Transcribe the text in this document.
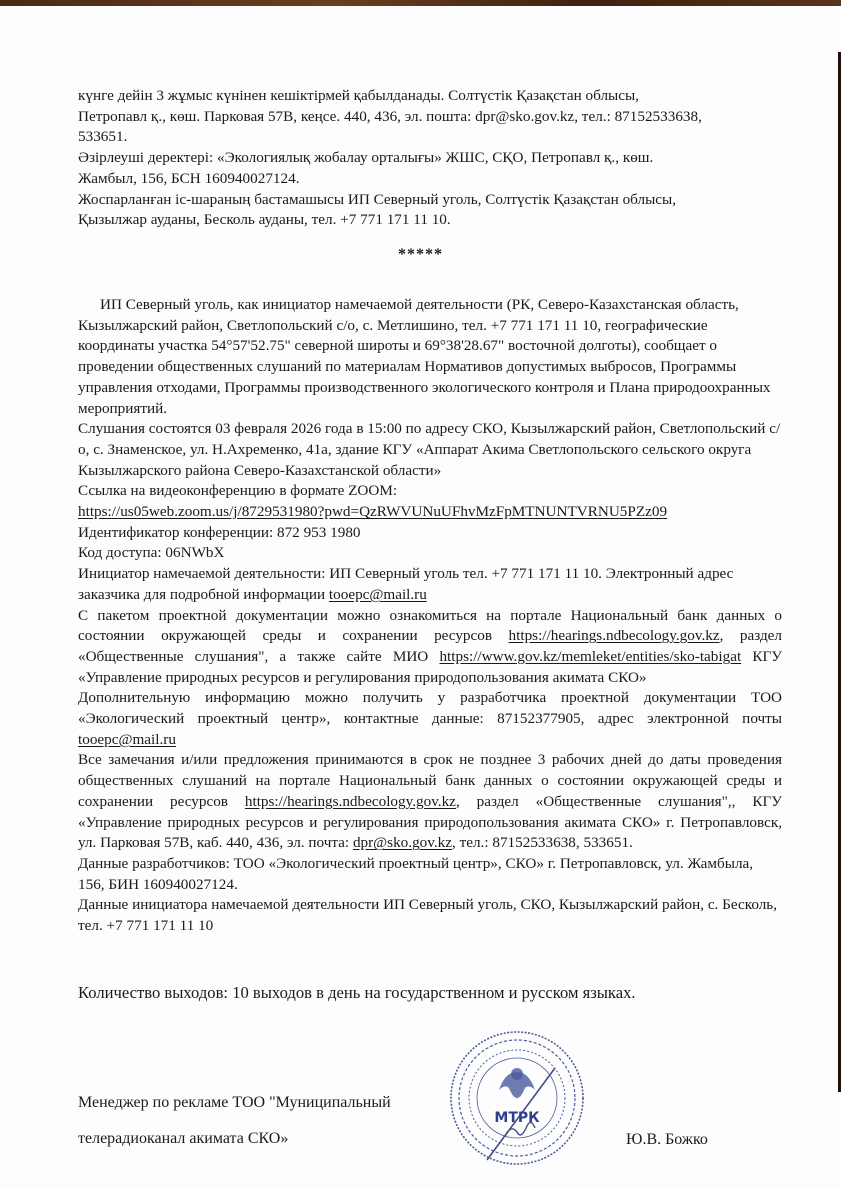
күнге дейін 3 жұмыс күнінен кешіктірмей қабылданады. Солтүстік Қазақстан облысы,

Петропавл қ., көш. Парковая 57В, кеңсе. 440, 436, эл. пошта: dpr@sko.gov.kz, тел.: 87152533638,

533651.

Әзірлеуші деректері: «Экологиялық жобалау орталығы» ЖШС, СҚО, Петропавл қ., көш.

Жамбыл, 156, БСН 160940027124.

Жоспарланған іс-шараның бастамашысы ИП Северный уголь, Солтүстік Қазақстан облысы,

Қызылжар ауданы, Бесколь ауданы, тел. +7 771 171 11 10.

*****

ИП Северный уголь, как инициатор намечаемой деятельности (РК, Северо-Казахстанская область, Кызылжарский район, Светлопольский с/о, с. Метлишино, тел. +7 771 171 11 10, географические координаты участка 54°57'52.75" северной широты и 69°38'28.67" восточной долготы), сообщает о проведении общественных слушаний по материалам Нормативов допустимых выбросов, Программы управления отходами, Программы производственного экологического контроля и Плана природоохранных мероприятий.

Слушания состоятся 03 февраля 2026 года в 15:00 по адресу СКО, Кызылжарский район, Светлопольский с/о, с. Знаменское, ул. Н.Ахременко, 41а, здание КГУ «Аппарат Акима Светлопольского сельского округа Кызылжарского района Северо-Казахстанской области»

Ссылка на видеоконференцию в формате ZOOM:

https://us05web.zoom.us/j/8729531980?pwd=QzRWVUNuUFhvMzFpMTNUNTVRNU5PZz09

Идентификатор конференции: 872 953 1980

Код доступа: 06NWbX

Инициатор намечаемой деятельности: ИП Северный уголь тел. +7 771 171 11 10. Электронный адрес заказчика для подробной информации tooepc@mail.ru

С пакетом проектной документации можно ознакомиться на портале Национальный банк данных о состоянии окружающей среды и сохранении ресурсов https://hearings.ndbecology.gov.kz, раздел «Общественные слушания", а также сайте МИО https://www.gov.kz/memleket/entities/sko-tabigat КГУ «Управление природных ресурсов и регулирования природопользования акимата СКО»

Дополнительную информацию можно получить у разработчика проектной документации ТОО «Экологический проектный центр», контактные данные: 87152377905, адрес электронной почты tooepc@mail.ru

Все замечания и/или предложения принимаются в срок не позднее 3 рабочих дней до даты проведения общественных слушаний на портале Национальный банк данных о состоянии окружающей среды и сохранении ресурсов https://hearings.ndbecology.gov.kz, раздел «Общественные слушания",, КГУ «Управление природных ресурсов и регулирования природопользования акимата СКО» г. Петропавловск, ул. Парковая 57В, каб. 440, 436, эл. почта: dpr@sko.gov.kz, тел.: 87152533638, 533651.

Данные разработчиков: ТОО «Экологический проектный центр», СКО» г. Петропавловск, ул. Жамбыла, 156, БИН 160940027124.

Данные инициатора намечаемой деятельности ИП Северный уголь, СКО, Кызылжарский район, с. Бесколь, тел. +7 771 171 11 10

Количество выходов: 10 выходов в день на государственном и русском языках.
Менеджер по рекламе ТОО "Муниципальный
телерадиоканал акимата СКО»	Ю.В. Божко
МТРК
